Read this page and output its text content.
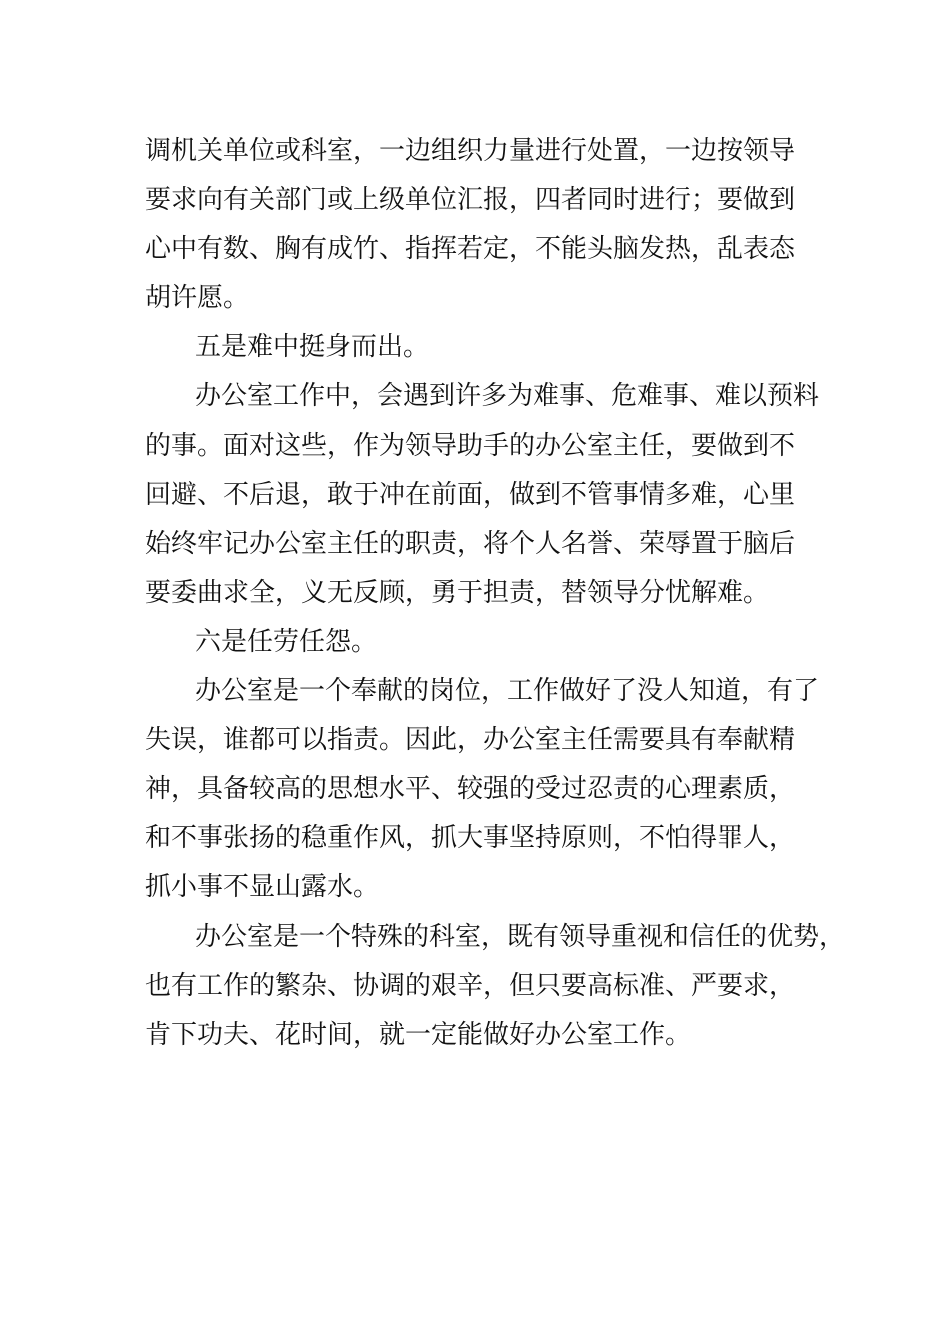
调机关单位或科室，一边组织力量进行处置，一边按领导
要求向有关部门或上级单位汇报，四者同时进行；要做到
心中有数、胸有成竹、指挥若定，不能头脑发热，乱表态
胡许愿。
五是难中挺身而出。
办公室工作中，会遇到许多为难事、危难事、难以预料
的事。面对这些，作为领导助手的办公室主任，要做到不
回避、不后退，敢于冲在前面，做到不管事情多难，心里
始终牢记办公室主任的职责，将个人名誉、荣辱置于脑后
要委曲求全，义无反顾，勇于担责，替领导分忧解难。
六是任劳任怨。
办公室是一个奉献的岗位，工作做好了没人知道，有了
失误，谁都可以指责。因此，办公室主任需要具有奉献精
神，具备较高的思想水平、较强的受过忍责的心理素质，
和不事张扬的稳重作风，抓大事坚持原则，不怕得罪人，
抓小事不显山露水。
办公室是一个特殊的科室，既有领导重视和信任的优势，
也有工作的繁杂、协调的艰辛，但只要高标准、严要求，
肯下功夫、花时间，就一定能做好办公室工作。
